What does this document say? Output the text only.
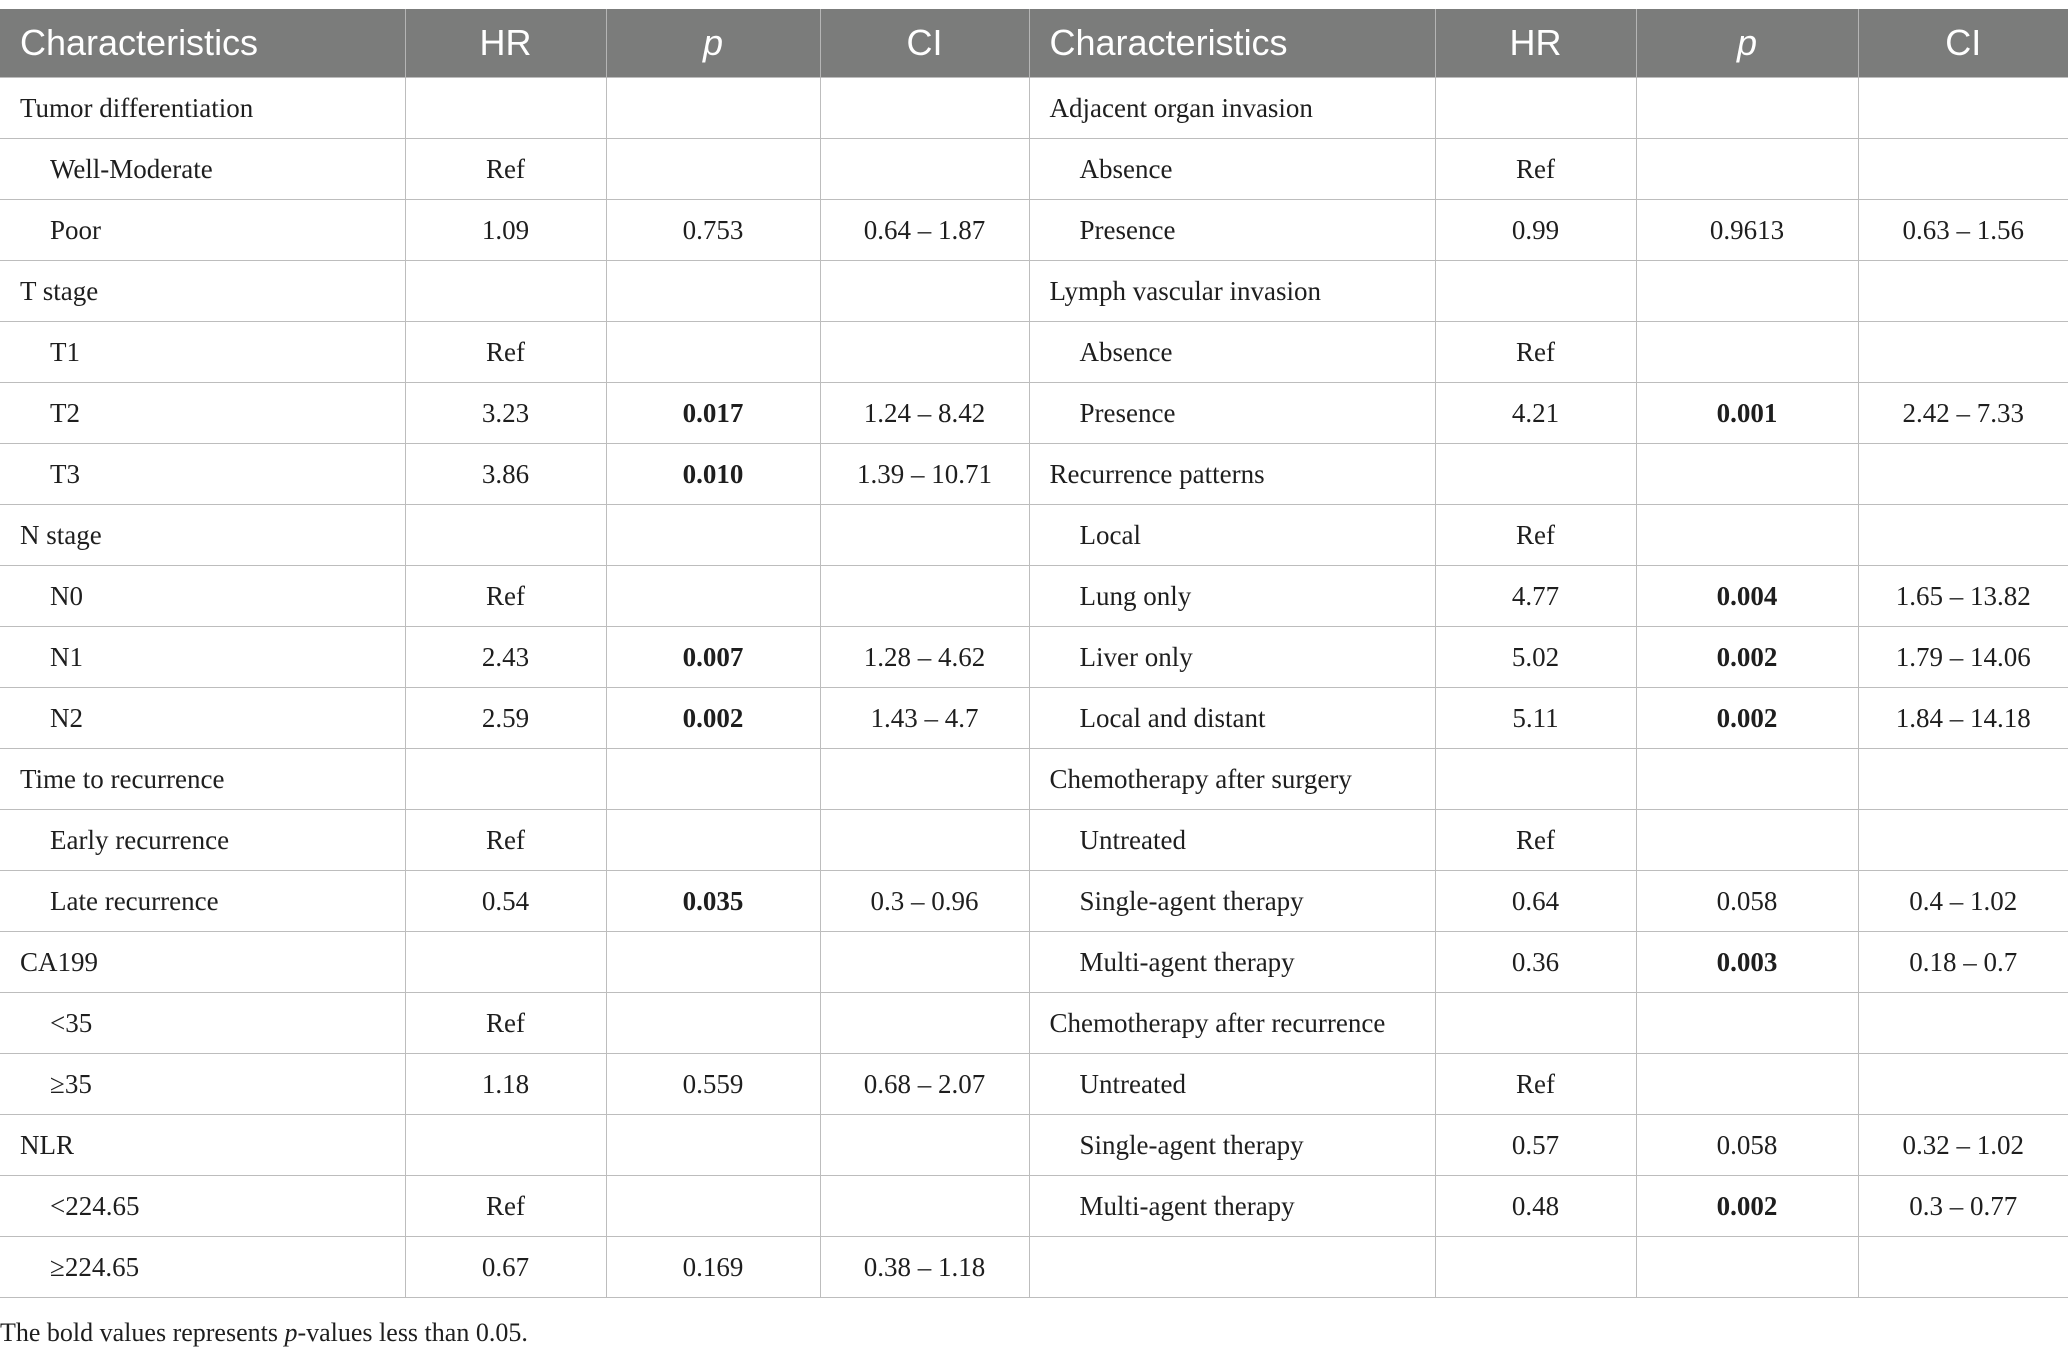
Characteristics	HR	p	CI	Characteristics	HR	p	CI
Tumor differentiation				Adjacent organ invasion			
Well-Moderate	Ref			Absence	Ref		
Poor	1.09	0.753	0.64 – 1.87	Presence	0.99	0.9613	0.63 – 1.56
T stage				Lymph vascular invasion			
T1	Ref			Absence	Ref		
T2	3.23	0.017	1.24 – 8.42	Presence	4.21	0.001	2.42 – 7.33
T3	3.86	0.010	1.39 – 10.71	Recurrence patterns			
N stage				Local	Ref		
N0	Ref			Lung only	4.77	0.004	1.65 – 13.82
N1	2.43	0.007	1.28 – 4.62	Liver only	5.02	0.002	1.79 – 14.06
N2	2.59	0.002	1.43 – 4.7	Local and distant	5.11	0.002	1.84 – 14.18
Time to recurrence				Chemotherapy after surgery			
Early recurrence	Ref			Untreated	Ref		
Late recurrence	0.54	0.035	0.3 – 0.96	Single-agent therapy	0.64	0.058	0.4 – 1.02
CA199				Multi-agent therapy	0.36	0.003	0.18 – 0.7
<35	Ref			Chemotherapy after recurrence			
≥35	1.18	0.559	0.68 – 2.07	Untreated	Ref		
NLR				Single-agent therapy	0.57	0.058	0.32 – 1.02
<224.65	Ref			Multi-agent therapy	0.48	0.002	0.3 – 0.77
≥224.65	0.67	0.169	0.38 – 1.18				
The bold values represents p-values less than 0.05.
